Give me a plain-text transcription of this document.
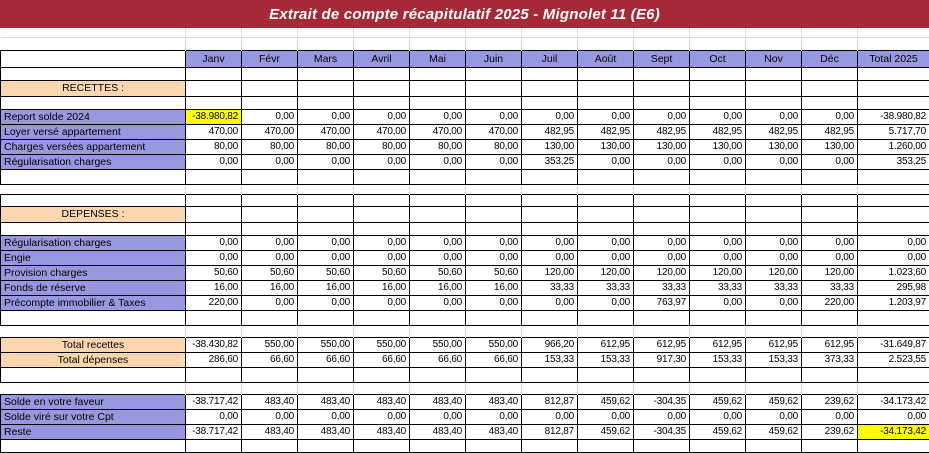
Extrait de compte récapitulatif 2025 - Mignolet 11 (E6)

	Janv	Févr	Mars	Avril	Mai	Juin	Juil	Août	Sept	Oct	Nov	Déc	Total 2025

RECETTES :													

Report solde 2024	-38.980,82	0,00	0,00	0,00	0,00	0,00	0,00	0,00	0,00	0,00	0,00	0,00	-38.980,82
Loyer versé appartement	470,00	470,00	470,00	470,00	470,00	470,00	482,95	482,95	482,95	482,95	482,95	482,95	5.717,70
Charges versées appartement	80,00	80,00	80,00	80,00	80,00	80,00	130,00	130,00	130,00	130,00	130,00	130,00	1.260,00
Régularisation charges	0,00	0,00	0,00	0,00	0,00	0,00	353,25	0,00	0,00	0,00	0,00	0,00	353,25

DEPENSES :													

Régularisation charges	0,00	0,00	0,00	0,00	0,00	0,00	0,00	0,00	0,00	0,00	0,00	0,00	0,00
Engie	0,00	0,00	0,00	0,00	0,00	0,00	0,00	0,00	0,00	0,00	0,00	0,00	0,00
Provision charges	50,60	50,60	50,60	50,60	50,60	50,60	120,00	120,00	120,00	120,00	120,00	120,00	1.023,60
Fonds de réserve	16,00	16,00	16,00	16,00	16,00	16,00	33,33	33,33	33,33	33,33	33,33	33,33	295,98
Précompte immobilier & Taxes	220,00	0,00	0,00	0,00	0,00	0,00	0,00	0,00	763,97	0,00	0,00	220,00	1.203,97

Total recettes	-38.430,82	550,00	550,00	550,00	550,00	550,00	966,20	612,95	612,95	612,95	612,95	612,95	-31.649,87
Total dépenses	286,60	66,60	66,60	66,60	66,60	66,60	153,33	153,33	917,30	153,33	153,33	373,33	2.523,55

Solde en votre faveur	-38.717,42	483,40	483,40	483,40	483,40	483,40	812,87	459,62	-304,35	459,62	459,62	239,62	-34.173,42
Solde viré sur votre Cpt	0,00	0,00	0,00	0,00	0,00	0,00	0,00	0,00	0,00	0,00	0,00	0,00	0,00
Reste	-38.717,42	483,40	483,40	483,40	483,40	483,40	812,87	459,62	-304,35	459,62	459,62	239,62	-34.173,42
